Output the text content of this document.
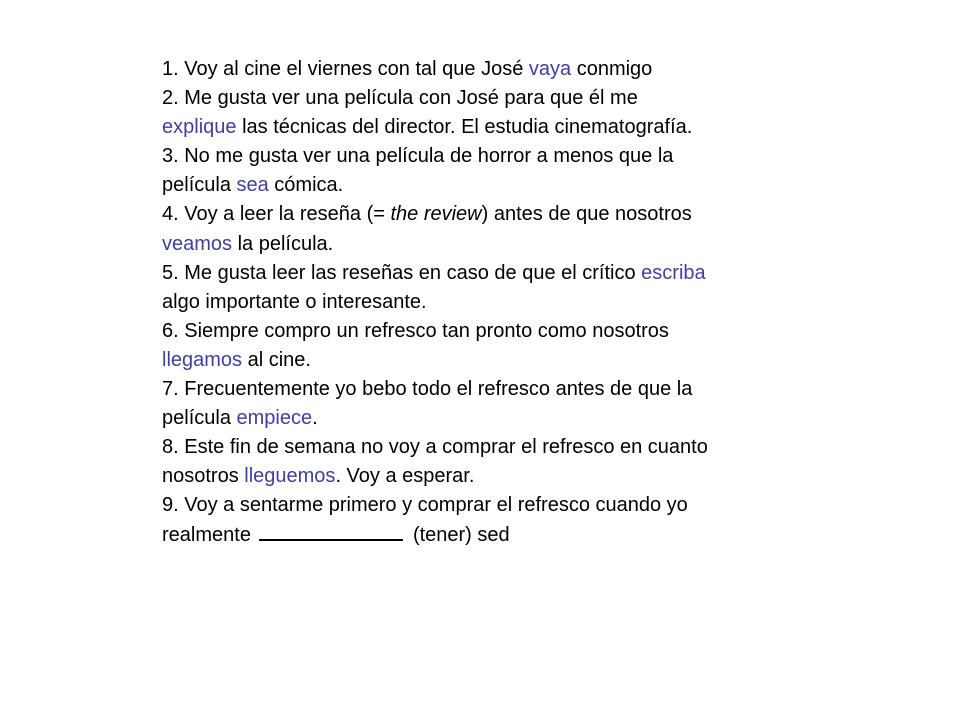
1. Voy al cine el viernes con tal que José vaya conmigo
2. Me gusta ver una película con José para que él me
explique las técnicas del director. El estudia cinematografía.
3. No me gusta ver una película de horror a menos que la
película sea cómica.
4. Voy a leer la reseña (= the review) antes de que nosotros
veamos la película.
5. Me gusta leer las reseñas en caso de que el crítico escriba
algo importante o interesante.
6. Siempre compro un refresco tan pronto como nosotros
llegamos al cine.
7. Frecuentemente yo bebo todo el refresco antes de que la
película empiece.
8. Este fin de semana no voy a comprar el refresco en cuanto
nosotros lleguemos. Voy a esperar.
9. Voy a sentarme primero y comprar el refresco cuando yo
realmente	(tener) sed
